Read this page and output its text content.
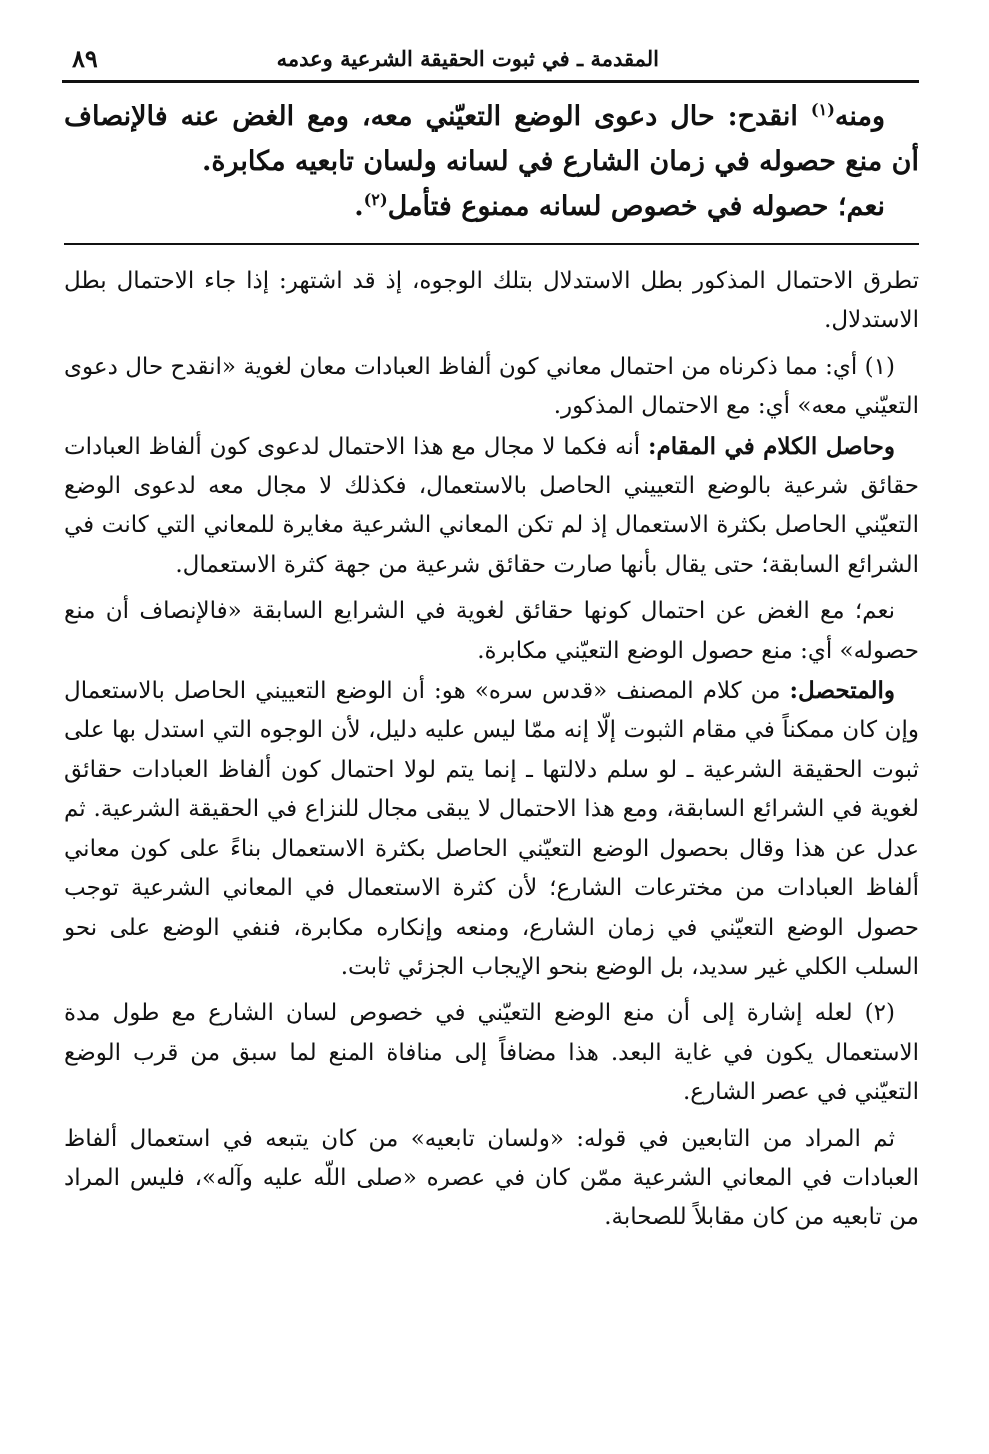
المقدمة ـ في ثبوت الحقيقة الشرعية وعدمه
٨٩

ومنه$^{(١)}$ انقدح: حال دعوى الوضع التعيّني معه، ومع الغض عنه فالإنصاف أن منع حصوله في زمان الشارع في لسانه ولسان تابعيه مكابرة.

نعم؛ حصوله في خصوص لسانه ممنوع فتأمل$^{(٢)}$.

تطرق الاحتمال المذكور بطل الاستدلال بتلك الوجوه، إذ قد اشتهر: إذا جاء الاحتمال بطل الاستدلال.

(١) أي: مما ذكرناه من احتمال معاني كون ألفاظ العبادات معان لغوية «انقدح حال دعوى التعيّني معه» أي: مع الاحتمال المذكور.

وحاصل الكلام في المقام: أنه فكما لا مجال مع هذا الاحتمال لدعوى كون ألفاظ العبادات حقائق شرعية بالوضع التعييني الحاصل بالاستعمال، فكذلك لا مجال معه لدعوى الوضع التعيّني الحاصل بكثرة الاستعمال إذ لم تكن المعاني الشرعية مغايرة للمعاني التي كانت في الشرائع السابقة؛ حتى يقال بأنها صارت حقائق شرعية من جهة كثرة الاستعمال.

نعم؛ مع الغض عن احتمال كونها حقائق لغوية في الشرايع السابقة «فالإنصاف أن منع حصوله» أي: منع حصول الوضع التعيّني مكابرة.

والمتحصل: من كلام المصنف «قدس سره» هو: أن الوضع التعييني الحاصل بالاستعمال وإن كان ممكناً في مقام الثبوت إلّا إنه ممّا ليس عليه دليل، لأن الوجوه التي استدل بها على ثبوت الحقيقة الشرعية ـ لو سلم دلالتها ـ إنما يتم لولا احتمال كون ألفاظ العبادات حقائق لغوية في الشرائع السابقة، ومع هذا الاحتمال لا يبقى مجال للنزاع في الحقيقة الشرعية. ثم عدل عن هذا وقال بحصول الوضع التعيّني الحاصل بكثرة الاستعمال بناءً على كون معاني ألفاظ العبادات من مخترعات الشارع؛ لأن كثرة الاستعمال في المعاني الشرعية توجب حصول الوضع التعيّني في زمان الشارع، ومنعه وإنكاره مكابرة، فنفي الوضع على نحو السلب الكلي غير سديد، بل الوضع بنحو الإيجاب الجزئي ثابت.

(٢) لعله إشارة إلى أن منع الوضع التعيّني في خصوص لسان الشارع مع طول مدة الاستعمال يكون في غاية البعد. هذا مضافاً إلى منافاة المنع لما سبق من قرب الوضع التعيّني في عصر الشارع.

ثم المراد من التابعين في قوله: «ولسان تابعيه» من كان يتبعه في استعمال ألفاظ العبادات في المعاني الشرعية ممّن كان في عصره «صلى اللّه عليه وآله»، فليس المراد من تابعيه من كان مقابلاً للصحابة.
